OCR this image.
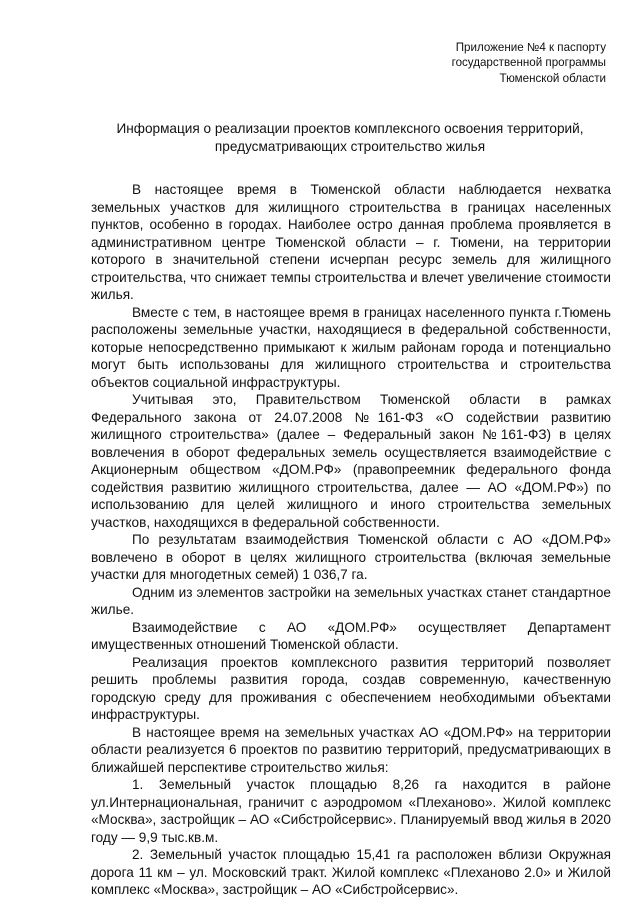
Приложение №4 к паспорту
государственной программы
Тюменской области
Информация о реализации проектов комплексного освоения территорий,
предусматривающих строительство жилья

В настоящее время в Тюменской области наблюдается нехватка земельных участков для жилищного строительства в границах населенных пунктов, особенно в городах. Наиболее остро данная проблема проявляется в административном центре Тюменской области – г. Тюмени, на территории которого в значительной степени исчерпан ресурс земель для жилищного строительства, что снижает темпы строительства и влечет увеличение стоимости жилья.

Вместе с тем, в настоящее время в границах населенного пункта г.Тюмень расположены земельные участки, находящиеся в федеральной собственности, которые непосредственно примыкают к жилым районам города и потенциально могут быть использованы для жилищного строительства и строительства объектов социальной инфраструктуры.

Учитывая это, Правительством Тюменской области в рамках Федерального закона от 24.07.2008 №161-ФЗ «О содействии развитию жилищного строительства» (далее – Федеральный закон №161-ФЗ) в целях вовлечения в оборот федеральных земель осуществляется взаимодействие с Акционерным обществом «ДОМ.РФ» (правопреемник федерального фонда содействия развитию жилищного строительства, далее — АО «ДОМ.РФ») по использованию для целей жилищного и иного строительства земельных участков, находящихся в федеральной собственности.

По результатам взаимодействия Тюменской области с АО «ДОМ.РФ» вовлечено в оборот в целях жилищного строительства (включая земельные участки для многодетных семей) 1 036,7 га.

Одним из элементов застройки на земельных участках станет стандартное жилье.

Взаимодействие с АО «ДОМ.РФ» осуществляет Департамент имущественных отношений Тюменской области.

Реализация проектов комплексного развития территорий позволяет решить проблемы развития города, создав современную, качественную городскую среду для проживания с обеспечением необходимыми объектами инфраструктуры.

В настоящее время на земельных участках АО «ДОМ.РФ» на территории области реализуется 6 проектов по развитию территорий, предусматривающих в ближайшей перспективе строительство жилья:

1. Земельный участок площадью 8,26 га находится в районе ул.Интернациональная, граничит с аэродромом «Плеханово». Жилой комплекс «Москва», застройщик – АО «Сибстройсервис». Планируемый ввод жилья в 2020 году — 9,9 тыс.кв.м.

2. Земельный участок площадью 15,41 га расположен вблизи Окружная дорога 11 км – ул. Московский тракт. Жилой комплекс «Плеханово 2.0» и Жилой комплекс «Москва», застройщик – АО «Сибстройсервис».
